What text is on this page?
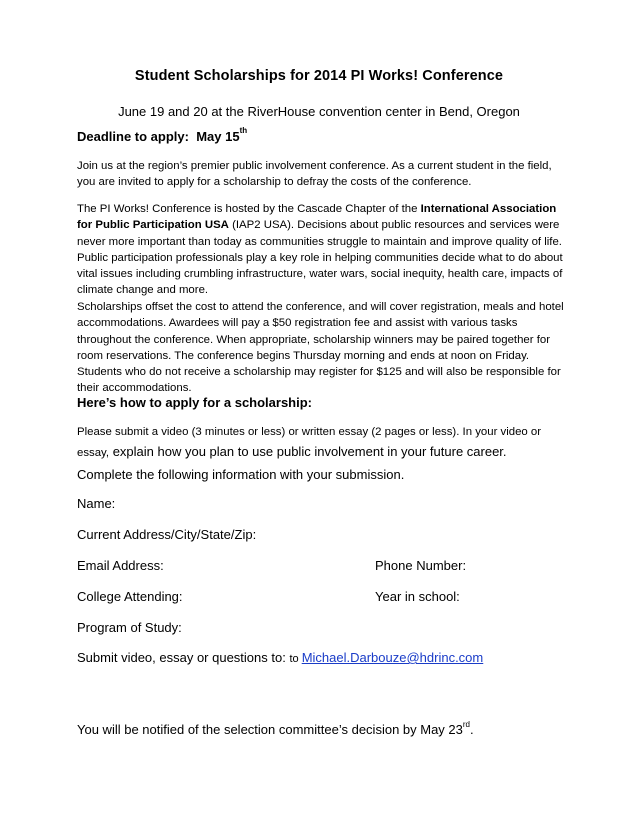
Student Scholarships for 2014 PI Works! Conference
June 19 and 20 at the RiverHouse convention center in Bend, Oregon
Deadline to apply: May 15th
Join us at the region’s premier public involvement conference. As a current student in the field, you are invited to apply for a scholarship to defray the costs of the conference.
The PI Works! Conference is hosted by the Cascade Chapter of the International Association for Public Participation USA (IAP2 USA). Decisions about public resources and services were never more important than today as communities struggle to maintain and improve quality of life. Public participation professionals play a key role in helping communities decide what to do about vital issues including crumbling infrastructure, water wars, social inequity, health care, impacts of climate change and more.
Scholarships offset the cost to attend the conference, and will cover registration, meals and hotel accommodations. Awardees will pay a $50 registration fee and assist with various tasks throughout the conference. When appropriate, scholarship winners may be paired together for room reservations. The conference begins Thursday morning and ends at noon on Friday. Students who do not receive a scholarship may register for $125 and will also be responsible for their accommodations.
Here’s how to apply for a scholarship:
Please submit a video (3 minutes or less) or written essay (2 pages or less). In your video or essay, explain how you plan to use public involvement in your future career.
Complete the following information with your submission.
Name:
Current Address/City/State/Zip:
Email Address:	Phone Number:
College Attending:	Year in school:
Program of Study:
Submit video, essay or questions to: to Michael.Darbouze@hdrinc.com
You will be notified of the selection committee’s decision by May 23rd.
